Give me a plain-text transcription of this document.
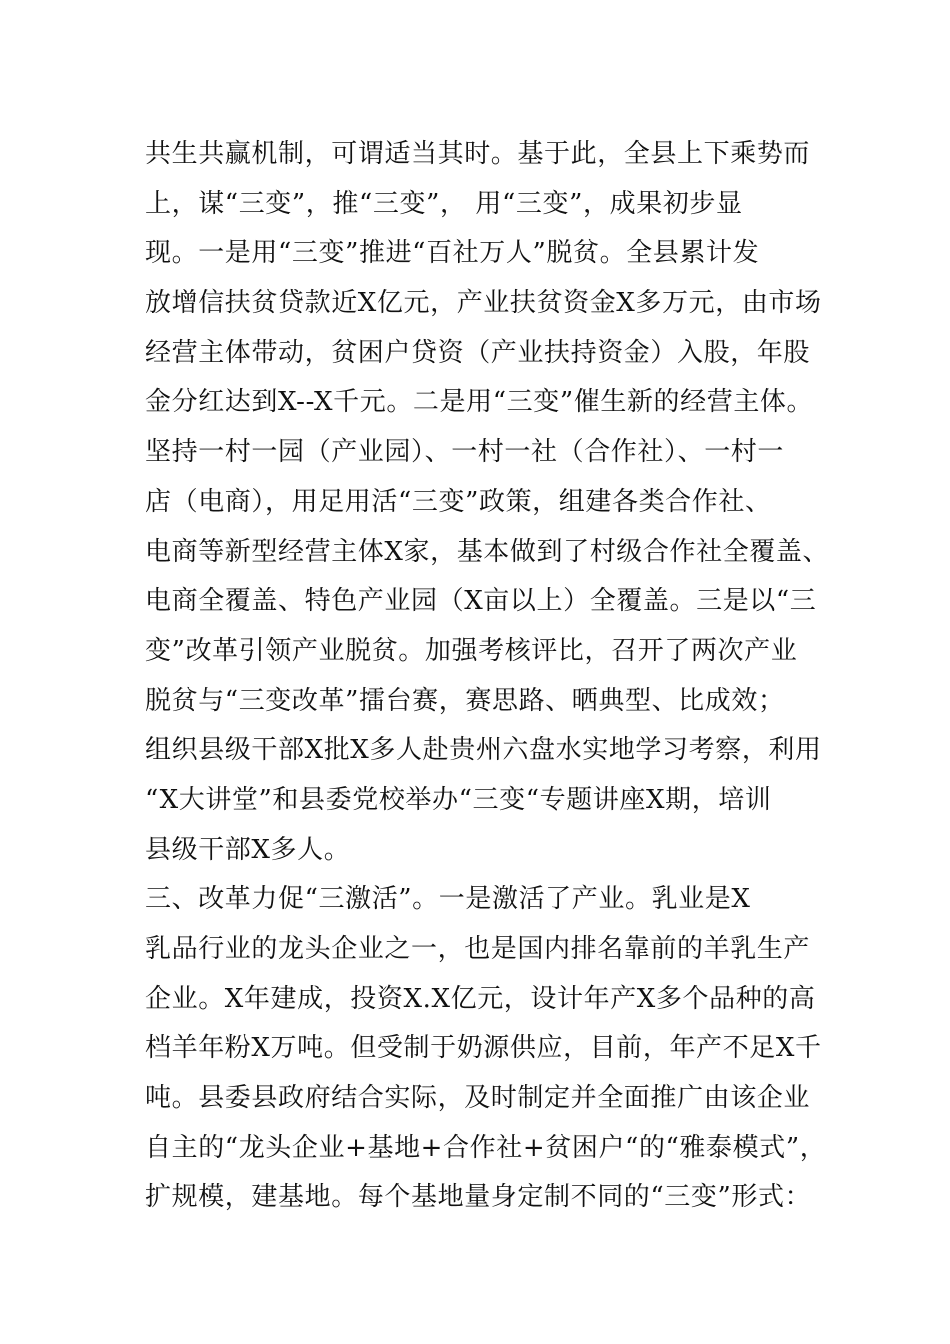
共生共赢机制，可谓适当其时。基于此，全县上下乘势而
上，谋“三变”，推“三变”， 用“三变”，成果初步显
现。一是用“三变”推进“百社万人”脱贫。全县累计发
放增信扶贫贷款近X亿元，产业扶贫资金X多万元，由市场
经营主体带动，贫困户贷资（产业扶持资金）入股，年股
金分红达到X--X千元。二是用“三变”催生新的经营主体。
坚持一村一园（产业园）、一村一社（合作社）、一村一
店（电商），用足用活“三变”政策，组建各类合作社、
电商等新型经营主体X家，基本做到了村级合作社全覆盖、
电商全覆盖、特色产业园（X亩以上）全覆盖。三是以“三
变”改革引领产业脱贫。加强考核评比，召开了两次产业
脱贫与“三变改革”擂台赛，赛思路、晒典型、比成效；
组织县级干部X批X多人赴贵州六盘水实地学习考察，利用
“X大讲堂”和县委党校举办“三变“专题讲座X期，培训
县级干部X多人。
三、改革力促“三激活”。一是激活了产业。乳业是X
乳品行业的龙头企业之一，也是国内排名靠前的羊乳生产
企业。X年建成，投资X.X亿元，设计年产X多个品种的高
档羊年粉X万吨。但受制于奶源供应，目前，年产不足X千
吨。县委县政府结合实际，及时制定并全面推广由该企业
自主的“龙头企业+基地+合作社+贫困户“的“雅泰模式”，
扩规模，建基地。每个基地量身定制不同的“三变”形式：
